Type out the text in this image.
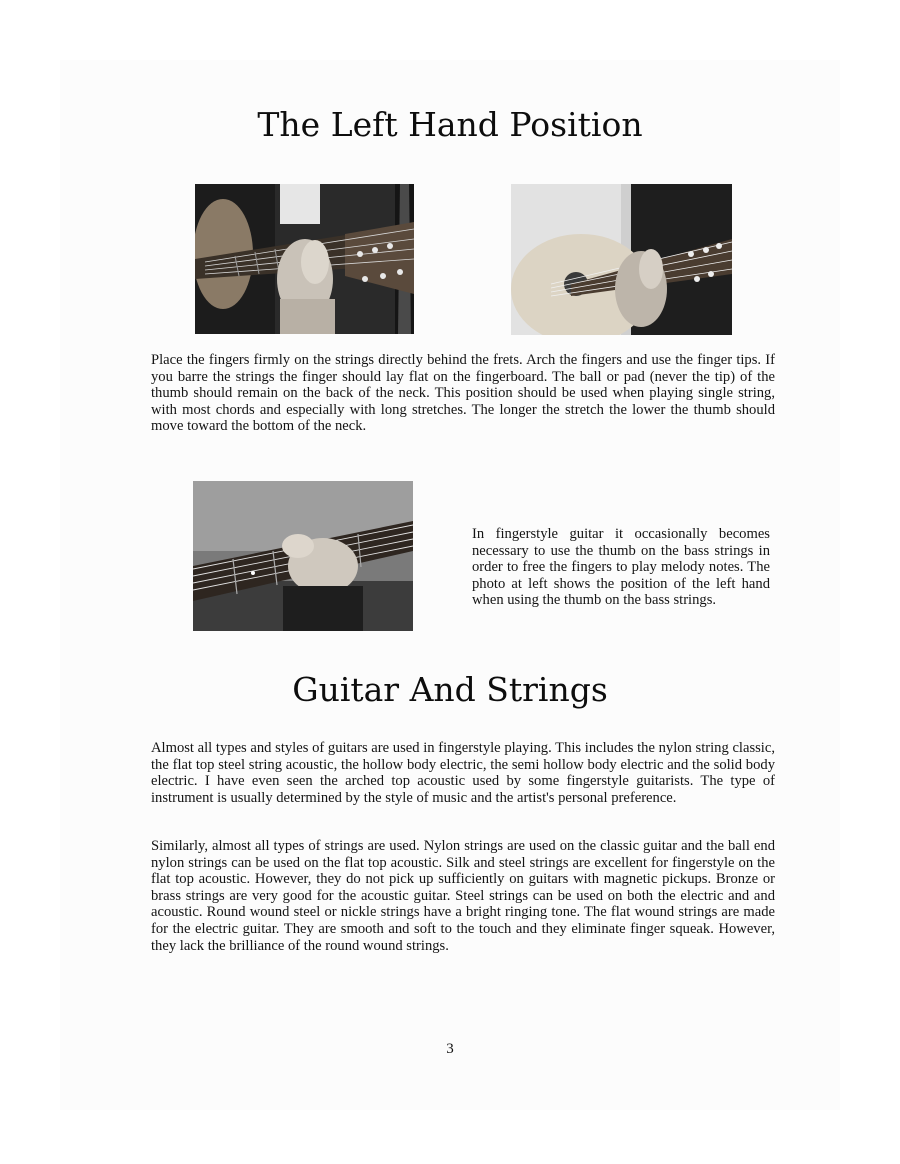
The Left Hand Position

Place the fingers firmly on the strings directly behind the frets. Arch the fingers and use the finger tips. If you barre the strings the finger should lay flat on the fingerboard. The ball or pad (never the tip) of the thumb should remain on the back of the neck. This position should be used when playing single string, with most chords and especially with long stretches. The longer the stretch the lower the thumb should move toward the bottom of the neck.

In fingerstyle guitar it occasionally becomes necessary to use the thumb on the bass strings in order to free the fingers to play melody notes. The photo at left shows the position of the left hand when using the thumb on the bass strings.

Guitar And Strings

Almost all types and styles of guitars are used in fingerstyle playing. This includes the nylon string classic, the flat top steel string acoustic, the hollow body electric, the semi hollow body electric and the solid body electric. I have even seen the arched top acoustic used by some fingerstyle guitarists. The type of instrument is usually determined by the style of music and the artist's personal preference.

Similarly, almost all types of strings are used. Nylon strings are used on the classic guitar and the ball end nylon strings can be used on the flat top acoustic. Silk and steel strings are excellent for fingerstyle on the flat top acoustic. However, they do not pick up sufficiently on guitars with magnetic pickups. Bronze or brass strings are very good for the acoustic guitar. Steel strings can be used on both the electric and and acoustic. Round wound steel or nickle strings have a bright ringing tone. The flat wound strings are made for the electric guitar. They are smooth and soft to the touch and they eliminate finger squeak. However, they lack the brilliance of the round wound strings.

3
